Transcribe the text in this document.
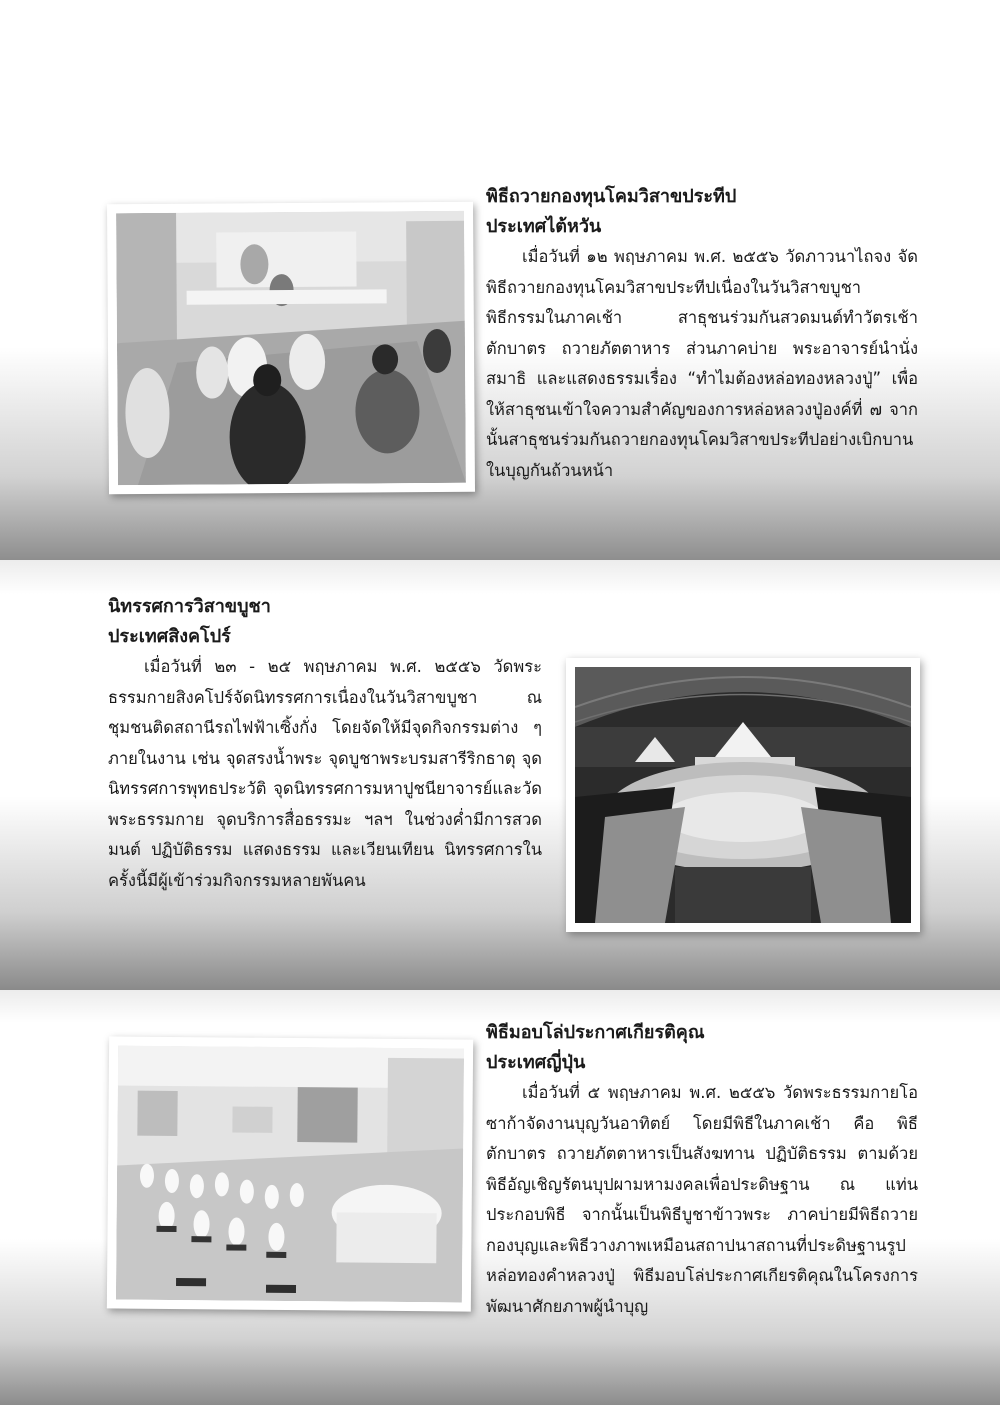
พิธีถวายกองทุนโคมวิสาขประทีป

ประเทศไต้หวัน

เมื่อวันที่ ๑๒ พฤษภาคม พ.ศ. ๒๕๕๖ วัดภาวนาไถจง จัดพิธีถวายกองทุนโคมวิสาขประทีปเนื่องในวันวิสาขบูชา พิธีกรรมในภาคเช้า สาธุชนร่วมกันสวดมนต์ทำวัตรเช้า ตักบาตร ถวายภัตตาหาร ส่วนภาคบ่าย พระอาจารย์นำนั่งสมาธิ และแสดงธรรมเรื่อง “ทำไมต้องหล่อทองหลวงปู่” เพื่อให้สาธุชนเข้าใจความสำคัญของการหล่อหลวงปู่องค์ที่ ๗ จากนั้นสาธุชนร่วมกันถวายกองทุนโคมวิสาขประทีปอย่างเบิกบานในบุญกันถ้วนหน้า

นิทรรศการวิสาขบูชา

ประเทศสิงคโปร์

เมื่อวันที่ ๒๓ - ๒๕ พฤษภาคม พ.ศ. ๒๕๕๖ วัดพระธรรมกายสิงคโปร์จัดนิทรรศการเนื่องในวันวิสาขบูชา ณ ชุมชนติดสถานีรถไฟฟ้าเซิ้งกั่ง โดยจัดให้มีจุดกิจกรรมต่าง ๆ ภายในงาน เช่น จุดสรงน้ำพระ จุดบูชาพระบรมสารีริกธาตุ จุดนิทรรศการพุทธประวัติ จุดนิทรรศการมหาปูชนียาจารย์และวัดพระธรรมกาย จุดบริการสื่อธรรมะ ฯลฯ ในช่วงค่ำมีการสวดมนต์ ปฏิบัติธรรม แสดงธรรม และเวียนเทียน นิทรรศการในครั้งนี้มีผู้เข้าร่วมกิจกรรมหลายพันคน

พิธีมอบโล่ประกาศเกียรติคุณ

ประเทศญี่ปุ่น

เมื่อวันที่ ๕ พฤษภาคม พ.ศ. ๒๕๕๖ วัดพระธรรมกายโอซาก้าจัดงานบุญวันอาทิตย์ โดยมีพิธีในภาคเช้า คือ พิธีตักบาตร ถวายภัตตาหารเป็นสังฆทาน ปฏิบัติธรรม ตามด้วยพิธีอัญเชิญรัตนบุปผามหามงคลเพื่อประดิษฐาน ณ แท่นประกอบพิธี จากนั้นเป็นพิธีบูชาข้าวพระ ภาคบ่ายมีพิธีถวายกองบุญและพิธีวางภาพเหมือนสถาปนาสถานที่ประดิษฐานรูปหล่อทองคำหลวงปู่ พิธีมอบโล่ประกาศเกียรติคุณในโครงการพัฒนาศักยภาพผู้นำบุญ
